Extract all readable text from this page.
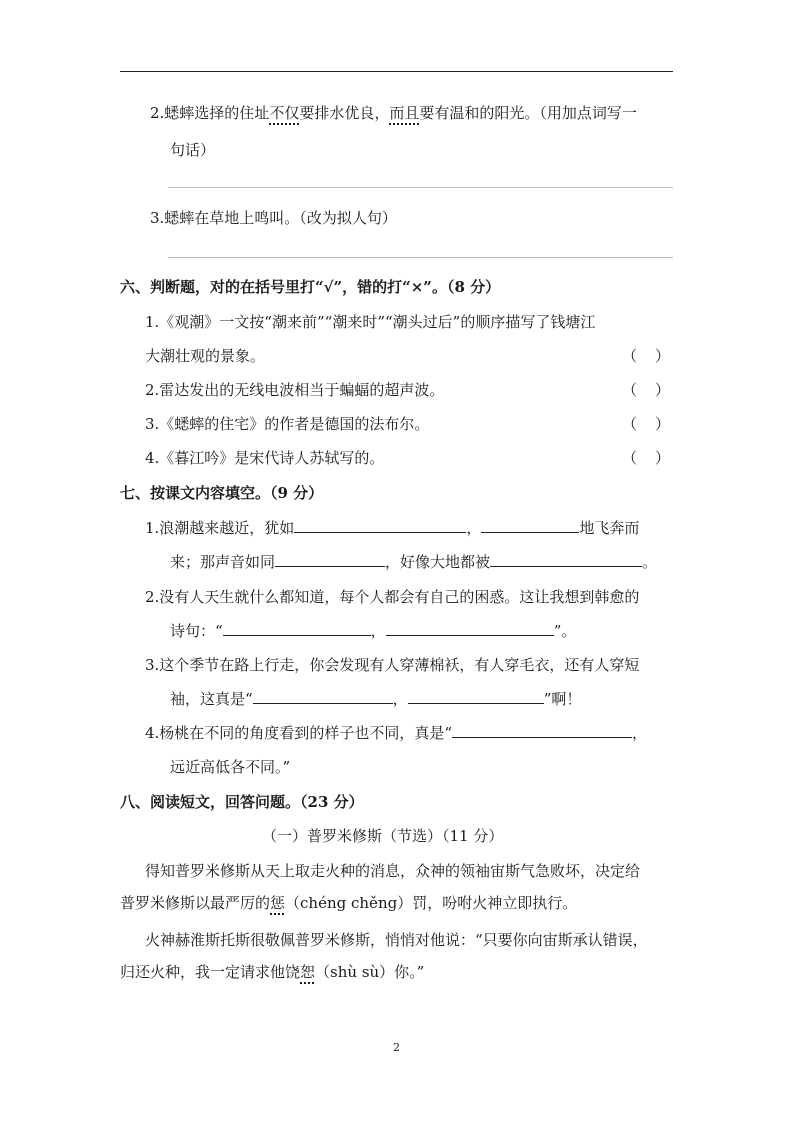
2.蟋蟀选择的住址不仅要排水优良，而且要有温和的阳光。（用加点词写一
句话）
3.蟋蟀在草地上鸣叫。（改为拟人句）
六、判断题，对的在括号里打“√”，错的打“×”。（8 分）
1.《观潮》一文按“潮来前”“潮来时”“潮头过后”的顺序描写了钱塘江
大潮壮观的景象。	（ ）
2.雷达发出的无线电波相当于蝙蝠的超声波。	（ ）
3.《蟋蟀的住宅》的作者是德国的法布尔。	（ ）
4.《暮江吟》是宋代诗人苏轼写的。	（ ）
七、按课文内容填空。（9 分）
1.浪潮越来越近，犹如	，	地飞奔而
来；那声音如同	，好像大地都被	。
2.没有人天生就什么都知道，每个人都会有自己的困惑。这让我想到韩愈的
诗句：“	，	”。
3.这个季节在路上行走，你会发现有人穿薄棉袄，有人穿毛衣，还有人穿短
袖，这真是“	，	”啊！
4.杨桃在不同的角度看到的样子也不同，真是“	，
远近高低各不同。”
八、阅读短文，回答问题。（23 分）
（一）普罗米修斯（节选）（11 分）
得知普罗米修斯从天上取走火种的消息，众神的领袖宙斯气急败坏，决定给
普罗米修斯以最严厉的惩（chéng chěng）罚，吩咐火神立即执行。
火神赫淮斯托斯很敬佩普罗米修斯，悄悄对他说：“只要你向宙斯承认错误，
归还火种，我一定请求他饶恕（shù sù）你。”
2
